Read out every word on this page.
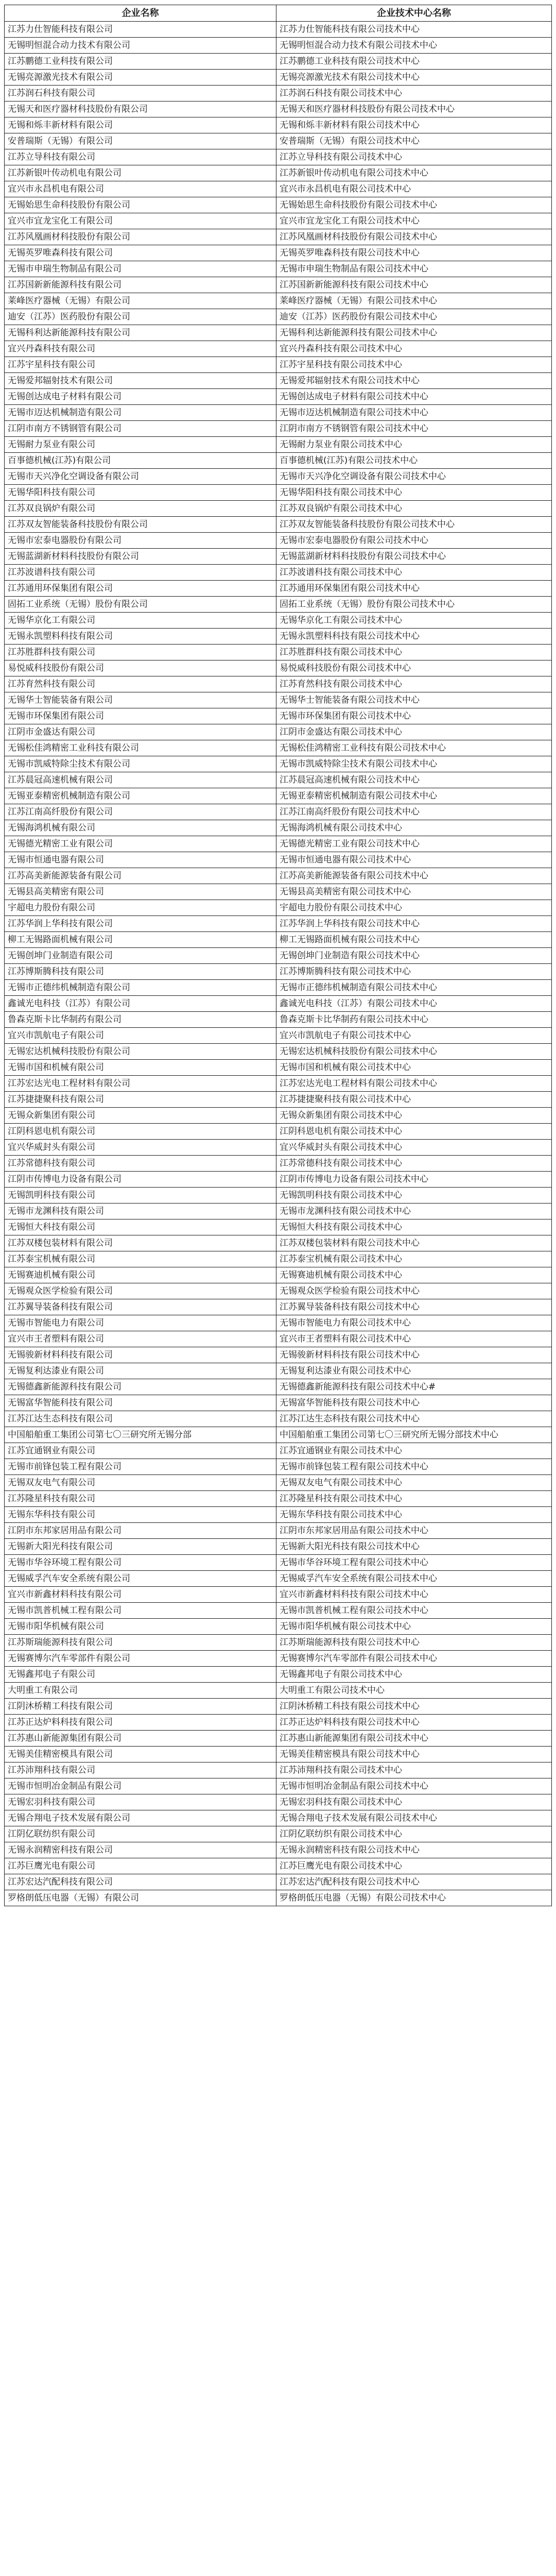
企业名称	企业技术中心名称
江苏力仕智能科技有限公司	江苏力仕智能科技有限公司技术中心
无锡明恒混合动力技术有限公司	无锡明恒混合动力技术有限公司技术中心
江苏鹏德工业科技有限公司	江苏鹏德工业科技有限公司技术中心
无锡亮源激光技术有限公司	无锡亮源激光技术有限公司技术中心
江苏润石科技有限公司	江苏润石科技有限公司技术中心
无锡天和医疗器材科技股份有限公司	无锡天和医疗器材科技股份有限公司技术中心
无锡和烁丰新材料有限公司	无锡和烁丰新材料有限公司技术中心
安普瑞斯（无锡）有限公司	安普瑞斯（无锡）有限公司技术中心
江苏立导科技有限公司	江苏立导科技有限公司技术中心
江苏新银叶传动机电有限公司	江苏新银叶传动机电有限公司技术中心
宜兴市永昌机电有限公司	宜兴市永昌机电有限公司技术中心
无锡始思生命科技股份有限公司	无锡始思生命科技股份有限公司技术中心
宜兴市宜龙宝化工有限公司	宜兴市宜龙宝化工有限公司技术中心
江苏风凰画材科技股份有限公司	江苏风凰画材科技股份有限公司技术中心
无锡英罗唯森科技有限公司	无锡英罗唯森科技有限公司技术中心
无锡市申瑞生物制品有限公司	无锡市申瑞生物制品有限公司技术中心
江苏国新新能源科技有限公司	江苏国新新能源科技有限公司技术中心
莱峰医疗器械（无锡）有限公司	莱峰医疗器械（无锡）有限公司技术中心
迪安（江苏）医药股份有限公司	迪安（江苏）医药股份有限公司技术中心
无锡科利达新能源科技有限公司	无锡科利达新能源科技有限公司技术中心
宜兴丹森科技有限公司	宜兴丹森科技有限公司技术中心
江苏宇星科技有限公司	江苏宇星科技有限公司技术中心
无锡爱邦辐射技术有限公司	无锡爱邦辐射技术有限公司技术中心
无锡创达成电子材料有限公司	无锡创达成电子材料有限公司技术中心
无锡市迈达机械制造有限公司	无锡市迈达机械制造有限公司技术中心
江阴市南方不锈钢管有限公司	江阴市南方不锈钢管有限公司技术中心
无锡耐力泵业有限公司	无锡耐力泵业有限公司技术中心
百事德机械(江苏)有限公司	百事德机械(江苏)有限公司技术中心
无锡市天兴净化空调设备有限公司	无锡市天兴净化空调设备有限公司技术中心
无锡华阳科技有限公司	无锡华阳科技有限公司技术中心
江苏双良锅炉有限公司	江苏双良锅炉有限公司技术中心
江苏双友智能装备科技股份有限公司	江苏双友智能装备科技股份有限公司技术中心
无锡市宏泰电器股份有限公司	无锡市宏泰电器股份有限公司技术中心
无锡蓝湖新材料科技股份有限公司	无锡蓝湖新材料科技股份有限公司技术中心
江苏波谱科技有限公司	江苏波谱科技有限公司技术中心
江苏通用环保集团有限公司	江苏通用环保集团有限公司技术中心
固拓工业系统（无锡）股份有限公司	固拓工业系统（无锡）股份有限公司技术中心
无锡华京化工有限公司	无锡华京化工有限公司技术中心
无锡永凯塑料科技有限公司	无锡永凯塑料科技有限公司技术中心
江苏胜群科技有限公司	江苏胜群科技有限公司技术中心
易悦威科技股份有限公司	易悦威科技股份有限公司技术中心
江苏育然科技有限公司	江苏育然科技有限公司技术中心
无锡华士智能装备有限公司	无锡华士智能装备有限公司技术中心
无锡市环保集团有限公司	无锡市环保集团有限公司技术中心
江阴市金盛达有限公司	江阴市金盛达有限公司技术中心
无锡松佳鸿精密工业科技有限公司	无锡松佳鸿精密工业科技有限公司技术中心
无锡市凯威特除尘技术有限公司	无锡市凯威特除尘技术有限公司技术中心
江苏晨冠高速机械有限公司	江苏晨冠高速机械有限公司技术中心
无锡亚泰精密机械制造有限公司	无锡亚泰精密机械制造有限公司技术中心
江苏江南高纤股份有限公司	江苏江南高纤股份有限公司技术中心
无锡海鸿机械有限公司	无锡海鸿机械有限公司技术中心
无锡德光精密工业有限公司	无锡德光精密工业有限公司技术中心
无锡市恒通电器有限公司	无锡市恒通电器有限公司技术中心
江苏高美新能源装备有限公司	江苏高美新能源装备有限公司技术中心
无锡县高美精密有限公司	无锡县高美精密有限公司技术中心
宇超电力股份有限公司	宇超电力股份有限公司技术中心
江苏华润上华科技有限公司	江苏华润上华科技有限公司技术中心
柳工无锡路面机械有限公司	柳工无锡路面机械有限公司技术中心
无锡创坤门业制造有限公司	无锡创坤门业制造有限公司技术中心
江苏博斯腾科技有限公司	江苏博斯腾科技有限公司技术中心
无锡市正德纬机械制造有限公司	无锡市正德纬机械制造有限公司技术中心
鑫诚光电科技（江苏）有限公司	鑫诚光电科技（江苏）有限公司技术中心
鲁森克斯卡比华制药有限公司	鲁森克斯卡比华制药有限公司技术中心
宜兴市凯航电子有限公司	宜兴市凯航电子有限公司技术中心
无锡宏达机械科技股份有限公司	无锡宏达机械科技股份有限公司技术中心
无锡市国和机械有限公司	无锡市国和机械有限公司技术中心
江苏宏达光电工程材料有限公司	江苏宏达光电工程材料有限公司技术中心
江苏捷捷聚科技有限公司	江苏捷捷聚科技有限公司技术中心
无锡众新集团有限公司	无锡众新集团有限公司技术中心
江阴科恩电机有限公司	江阴科恩电机有限公司技术中心
宜兴华威封头有限公司	宜兴华威封头有限公司技术中心
江苏常德科技有限公司	江苏常德科技有限公司技术中心
江阴市传博电力设备有限公司	江阴市传博电力设备有限公司技术中心
无锡凯明科技有限公司	无锡凯明科技有限公司技术中心
无锡市龙渊科技有限公司	无锡市龙渊科技有限公司技术中心
无锡恒大科技有限公司	无锡恒大科技有限公司技术中心
江苏双楼包装材料有限公司	江苏双楼包装材料有限公司技术中心
江苏泰宝机械有限公司	江苏泰宝机械有限公司技术中心
无锡赛迪机械有限公司	无锡赛迪机械有限公司技术中心
无锡观众医学检验有限公司	无锡观众医学检验有限公司技术中心
江苏翼导装备科技有限公司	江苏翼导装备科技有限公司技术中心
无锡市智能电力有限公司	无锡市智能电力有限公司技术中心
宜兴市王者塑料有限公司	宜兴市王者塑料有限公司技术中心
无锡骏新材料科技有限公司	无锡骏新材料科技有限公司技术中心
无锡复利达漆业有限公司	无锡复利达漆业有限公司技术中心
无锡德鑫新能源科技有限公司	无锡德鑫新能源科技有限公司技术中心#
无锡富华智能科技有限公司	无锡富华智能科技有限公司技术中心
江苏江达生态科技有限公司	江苏江达生态科技有限公司技术中心
中国船舶重工集团公司第七〇三研究所无锡分部	中国船舶重工集团公司第七〇三研究所无锡分部技术中心
江苏宜通钢业有限公司	江苏宜通钢业有限公司技术中心
无锡市前锋包装工程有限公司	无锡市前锋包装工程有限公司技术中心
无锡双友电气有限公司	无锡双友电气有限公司技术中心
江苏隆星科技有限公司	江苏隆星科技有限公司技术中心
无锡东华科技有限公司	无锡东华科技有限公司技术中心
江阴市东邦家居用品有限公司	江阴市东邦家居用品有限公司技术中心
无锡新大阳光科技有限公司	无锡新大阳光科技有限公司技术中心
无锡市华谷环境工程有限公司	无锡市华谷环境工程有限公司技术中心
无锡威孚汽车安全系统有限公司	无锡威孚汽车安全系统有限公司技术中心
宜兴市新鑫材料科技有限公司	宜兴市新鑫材料科技有限公司技术中心
无锡市凯普机械工程有限公司	无锡市凯普机械工程有限公司技术中心
无锡市阳华机械有限公司	无锡市阳华机械有限公司技术中心
江苏斯瑞能源科技有限公司	江苏斯瑞能源科技有限公司技术中心
无锡赛博尔汽车零部件有限公司	无锡赛博尔汽车零部件有限公司技术中心
无锡鑫邦电子有限公司	无锡鑫邦电子有限公司技术中心
大明重工有限公司	大明重工有限公司技术中心
江阴沐桥精工科技有限公司	江阴沐桥精工科技有限公司技术中心
江苏正达炉料科技有限公司	江苏正达炉料科技有限公司技术中心
江苏惠山新能源集团有限公司	江苏惠山新能源集团有限公司技术中心
无锡美佳精密模具有限公司	无锡美佳精密模具有限公司技术中心
江苏沛翔科技有限公司	江苏沛翔科技有限公司技术中心
无锡市恒明冶金制品有限公司	无锡市恒明冶金制品有限公司技术中心
无锡宏羽科技有限公司	无锡宏羽科技有限公司技术中心
无锡合翔电子技术发展有限公司	无锡合翔电子技术发展有限公司技术中心
江阴亿联纺织有限公司	江阴亿联纺织有限公司技术中心
无锡永润精密科技有限公司	无锡永润精密科技有限公司技术中心
江苏巨鹰光电有限公司	江苏巨鹰光电有限公司技术中心
江苏宏达汽配科技有限公司	江苏宏达汽配科技有限公司技术中心
罗格朗低压电器（无锡）有限公司	罗格朗低压电器（无锡）有限公司技术中心
